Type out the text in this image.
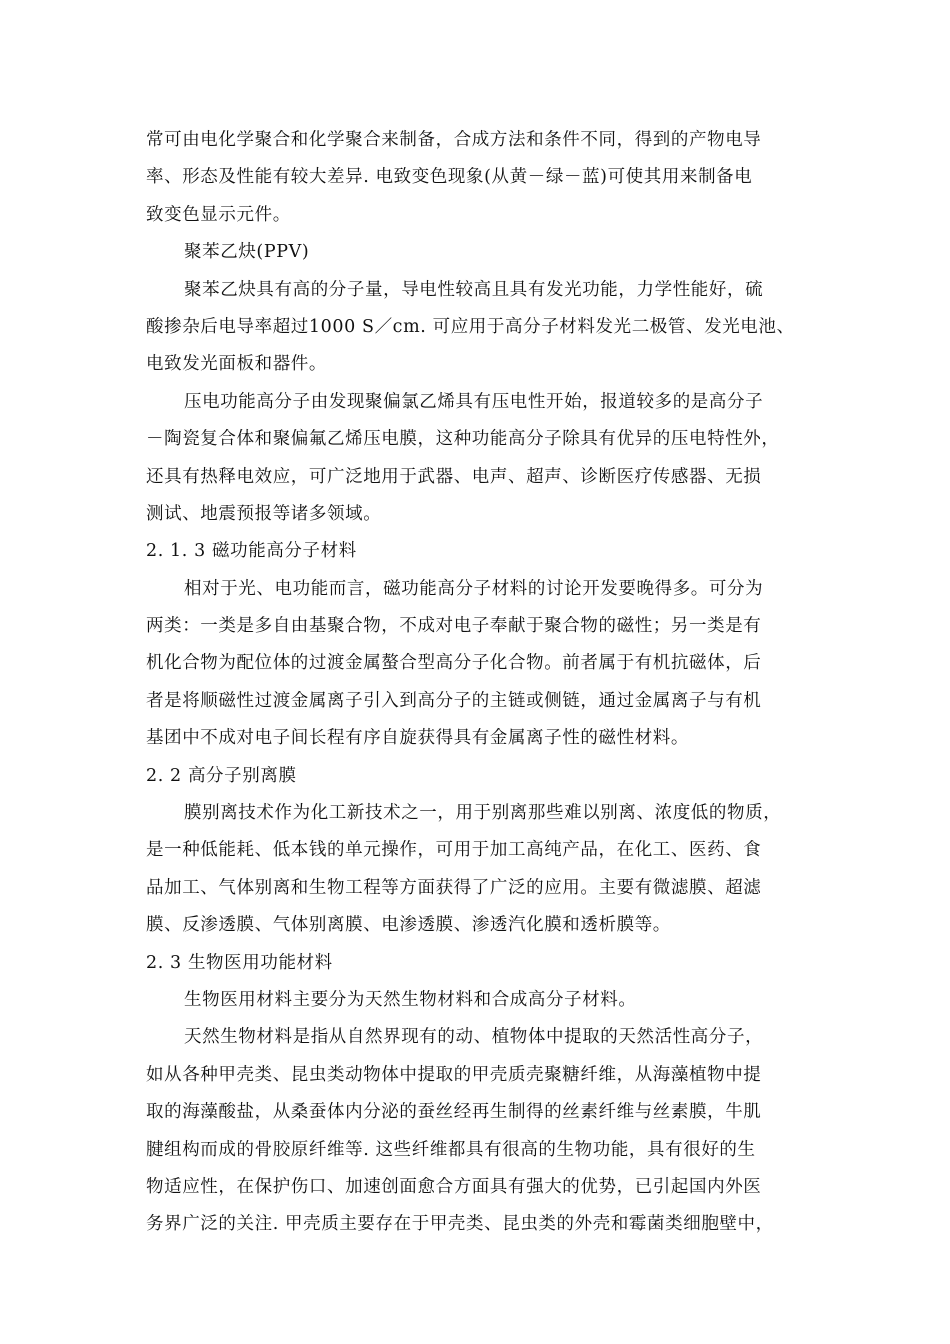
常可由电化学聚合和化学聚合来制备，合成方法和条件不同，得到的产物电导
率、形态及性能有较大差异. 电致变色现象(从黄－绿－蓝)可使其用来制备电
致变色显示元件。
聚苯乙炔(PPV)
聚苯乙炔具有高的分子量，导电性较高且具有发光功能，力学性能好，硫
酸掺杂后电导率超过1000 S／cm. 可应用于高分子材料发光二极管、发光电池、
电致发光面板和器件。
压电功能高分子由发现聚偏氯乙烯具有压电性开始，报道较多的是高分子
－陶瓷复合体和聚偏氟乙烯压电膜，这种功能高分子除具有优异的压电特性外，
还具有热释电效应，可广泛地用于武器、电声、超声、诊断医疗传感器、无损
测试、地震预报等诸多领域。
2. 1. 3 磁功能高分子材料
相对于光、电功能而言，磁功能高分子材料的讨论开发要晚得多。可分为
两类：一类是多自由基聚合物，不成对电子奉献于聚合物的磁性；另一类是有
机化合物为配位体的过渡金属螯合型高分子化合物。前者属于有机抗磁体，后
者是将顺磁性过渡金属离子引入到高分子的主链或侧链，通过金属离子与有机
基团中不成对电子间长程有序自旋获得具有金属离子性的磁性材料。
2. 2 高分子别离膜
膜别离技术作为化工新技术之一，用于别离那些难以别离、浓度低的物质，
是一种低能耗、低本钱的单元操作，可用于加工高纯产品，在化工、医药、食
品加工、气体别离和生物工程等方面获得了广泛的应用。主要有微滤膜、超滤
膜、反渗透膜、气体别离膜、电渗透膜、渗透汽化膜和透析膜等。
2. 3 生物医用功能材料
生物医用材料主要分为天然生物材料和合成高分子材料。
天然生物材料是指从自然界现有的动、植物体中提取的天然活性高分子，
如从各种甲壳类、昆虫类动物体中提取的甲壳质壳聚糖纤维，从海藻植物中提
取的海藻酸盐，从桑蚕体内分泌的蚕丝经再生制得的丝素纤维与丝素膜，牛肌
腱组构而成的骨胶原纤维等. 这些纤维都具有很高的生物功能，具有很好的生
物适应性，在保护伤口、加速创面愈合方面具有强大的优势，已引起国内外医
务界广泛的关注. 甲壳质主要存在于甲壳类、昆虫类的外壳和霉菌类细胞壁中，
